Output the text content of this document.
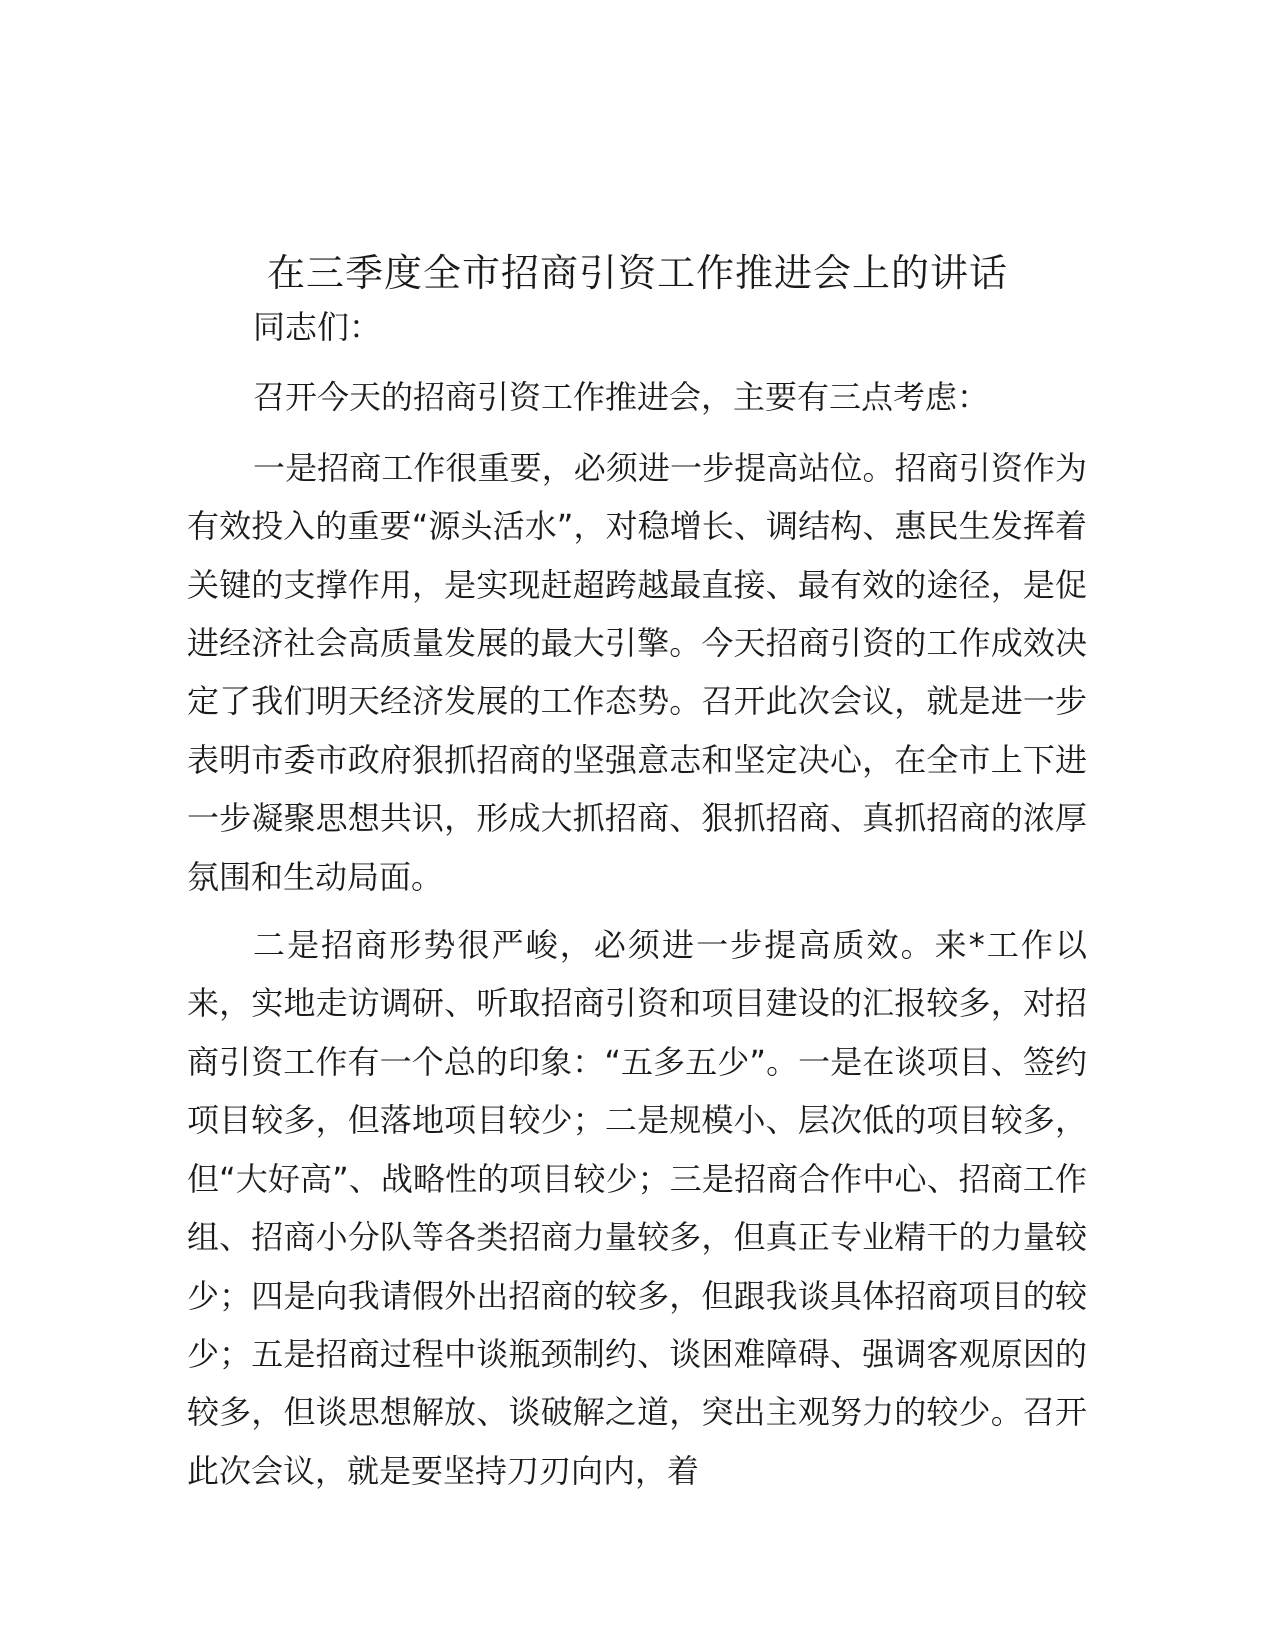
在三季度全市招商引资工作推进会上的讲话

同志们：

召开今天的招商引资工作推进会，主要有三点考虑：

一是招商工作很重要，必须进一步提高站位。招商引资作为有效投入的重要“源头活水”，对稳增长、调结构、惠民生发挥着关键的支撑作用，是实现赶超跨越最直接、最有效的途径，是促进经济社会高质量发展的最大引擎。今天招商引资的工作成效决定了我们明天经济发展的工作态势。召开此次会议，就是进一步表明市委市政府狠抓招商的坚强意志和坚定决心，在全市上下进一步凝聚思想共识，形成大抓招商、狠抓招商、真抓招商的浓厚氛围和生动局面。

二是招商形势很严峻，必须进一步提高质效。来*工作以来，实地走访调研、听取招商引资和项目建设的汇报较多，对招商引资工作有一个总的印象：“五多五少”。一是在谈项目、签约项目较多，但落地项目较少；二是规模小、层次低的项目较多，但“大好高”、战略性的项目较少；三是招商合作中心、招商工作组、招商小分队等各类招商力量较多，但真正专业精干的力量较少；四是向我请假外出招商的较多，但跟我谈具体招商项目的较少；五是招商过程中谈瓶颈制约、谈困难障碍、强调客观原因的较多，但谈思想解放、谈破解之道，突出主观努力的较少。召开此次会议，就是要坚持刀刃向内，着
